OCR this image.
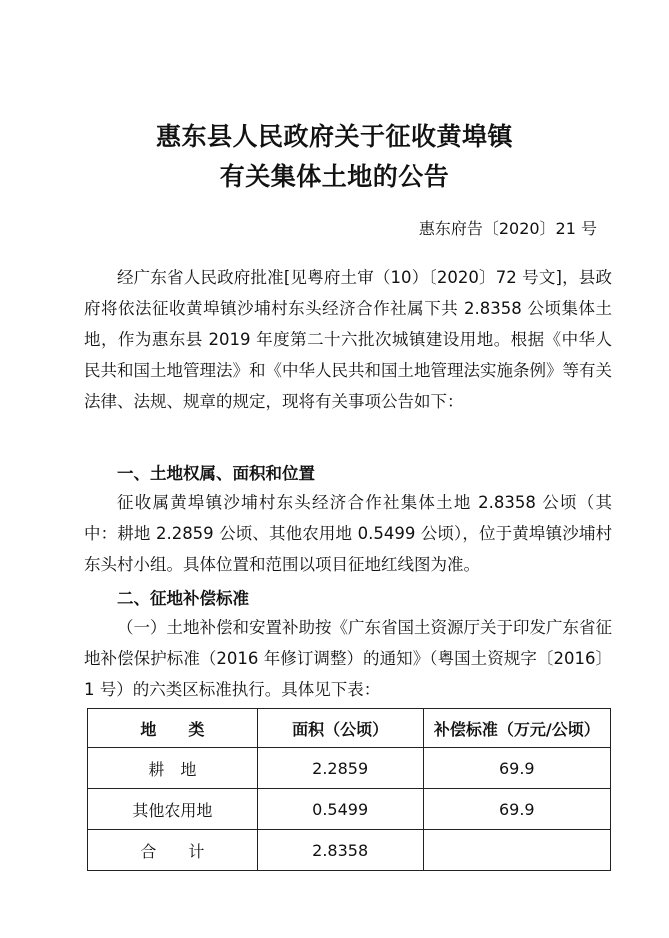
惠东县人民政府关于征收黄埠镇
有关集体土地的公告
惠东府告〔2020〕21 号
经广东省人民政府批准[见粤府土审（10）〔2020〕72 号文]，县政府将依法征收黄埠镇沙埔村东头经济合作社属下共 2.8358 公顷集体土地，作为惠东县 2019 年度第二十六批次城镇建设用地。根据《中华人民共和国土地管理法》和《中华人民共和国土地管理法实施条例》等有关法律、法规、规章的规定，现将有关事项公告如下：
一、土地权属、面积和位置
征收属黄埠镇沙埔村东头经济合作社集体土地 2.8358 公顷（其中：耕地 2.2859 公顷、其他农用地 0.5499 公顷），位于黄埠镇沙埔村东头村小组。具体位置和范围以项目征地红线图为准。
二、征地补偿标准
（一）土地补偿和安置补助按《广东省国土资源厅关于印发广东省征地补偿保护标准（2016 年修订调整）的通知》（粤国土资规字〔2016〕1 号）的六类区标准执行。具体见下表：
地　　类	面积（公顷）	补偿标准（万元/公顷）
耕　地	2.2859	69.9
其他农用地	0.5499	69.9
合　　计	2.8358	
